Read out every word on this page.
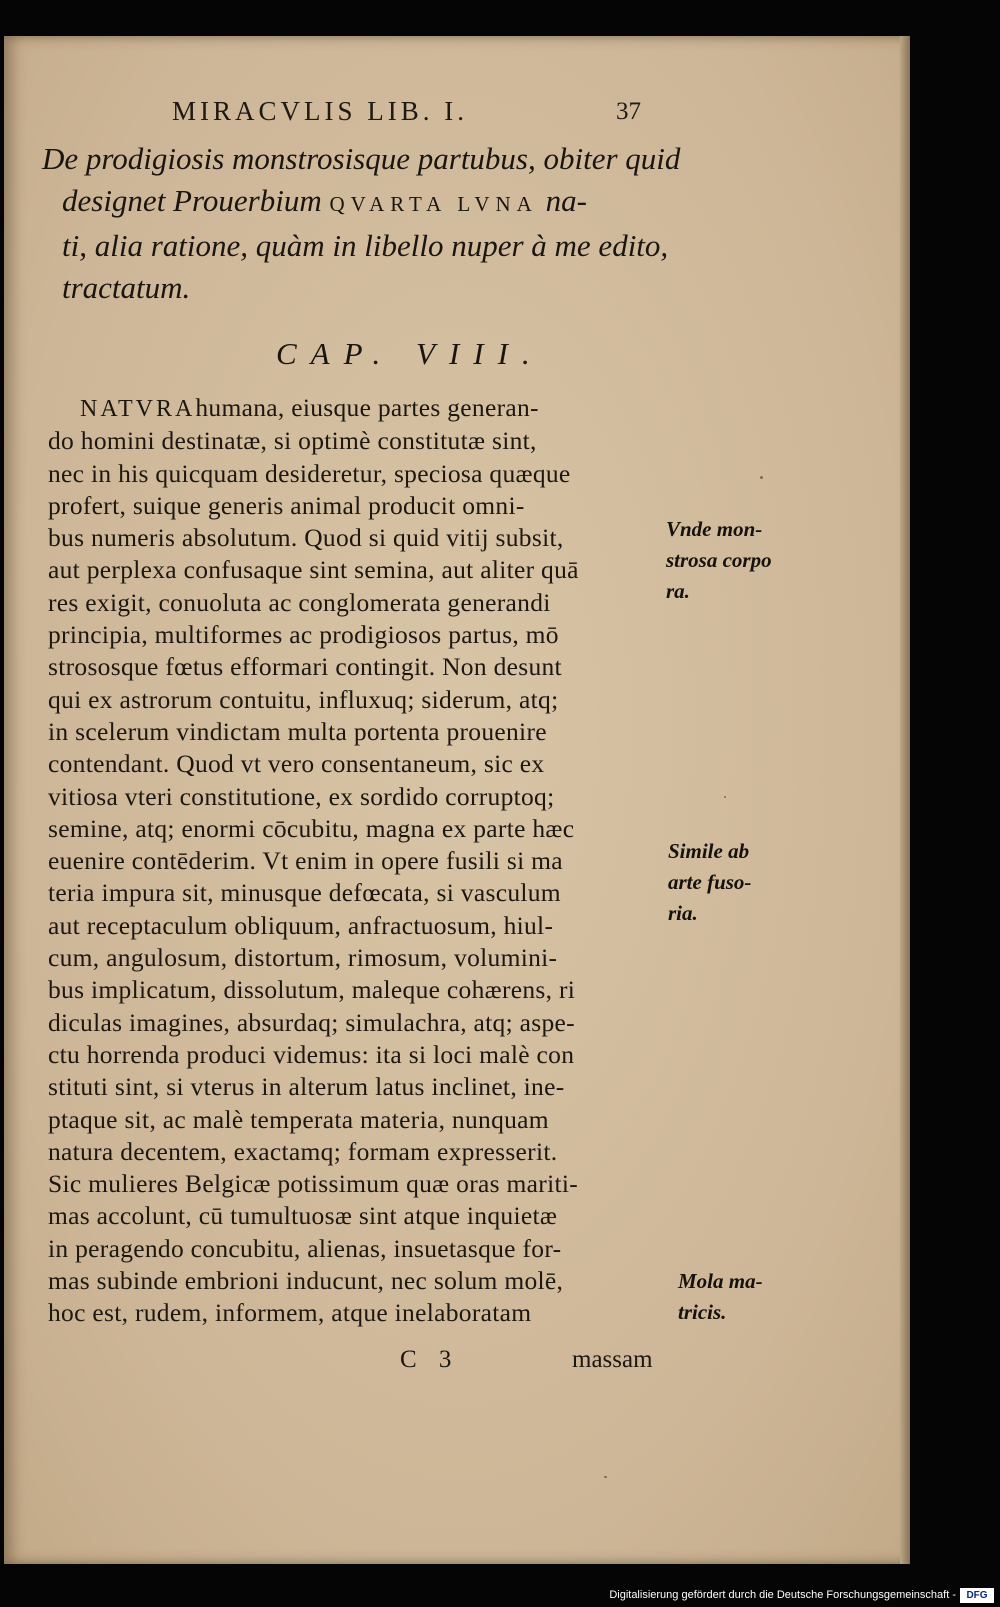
MIRACVLIS LIB. I.	37

De prodigiosis monstrosisque partubus, obiter quid

designet Prouerbium QVARTA LVNA na-

ti, alia ratione, quàm in libello nuper à me edito,

tractatum.

CAP. VIII.

NATVRAhumana, eiusque partes generan-

do homini destinatæ, si optimè constitutæ sint,

nec in his quicquam desideretur, speciosa quæque

profert, suique generis animal producit omni-

bus numeris absolutum. Quod si quid vitij subsit,

aut perplexa confusaque sint semina, aut aliter quā

res exigit, conuoluta ac conglomerata generandi

principia, multiformes ac prodigiosos partus, mō

strososque fœtus efformari contingit. Non desunt

qui ex astrorum contuitu, influxuq; siderum, atq;

in scelerum vindictam multa portenta prouenire

contendant. Quod vt vero consentaneum, sic ex

vitiosa vteri constitutione, ex sordido corruptoq;

semine, atq; enormi cōcubitu, magna ex parte hæc

euenire contēderim. Vt enim in opere fusili si ma

teria impura sit, minusque defœcata, si vasculum

aut receptaculum obliquum, anfractuosum, hiul-

cum, angulosum, distortum, rimosum, volumini-

bus implicatum, dissolutum, maleque cohærens, ri

diculas imagines, absurdaq; simulachra, atq; aspe-

ctu horrenda produci videmus: ita si loci malè con

stituti sint, si vterus in alterum latus inclinet, ine-

ptaque sit, ac malè temperata materia, nunquam

natura decentem, exactamq; formam expresserit.

Sic mulieres Belgicæ potissimum quæ oras mariti-

mas accolunt, cū tumultuosæ sint atque inquietæ

in peragendo concubitu, alienas, insuetasque for-

mas subinde embrioni inducunt, nec solum molē,

hoc est, rudem, informem, atque inelaboratam

Vnde mon-
strosa corpo
ra.
Simile ab
arte fuso-
ria.
Mola ma-
tricis.
C 3	massam
Digitalisierung gefördert durch die Deutsche Forschungsgemeinschaft -	DFG
